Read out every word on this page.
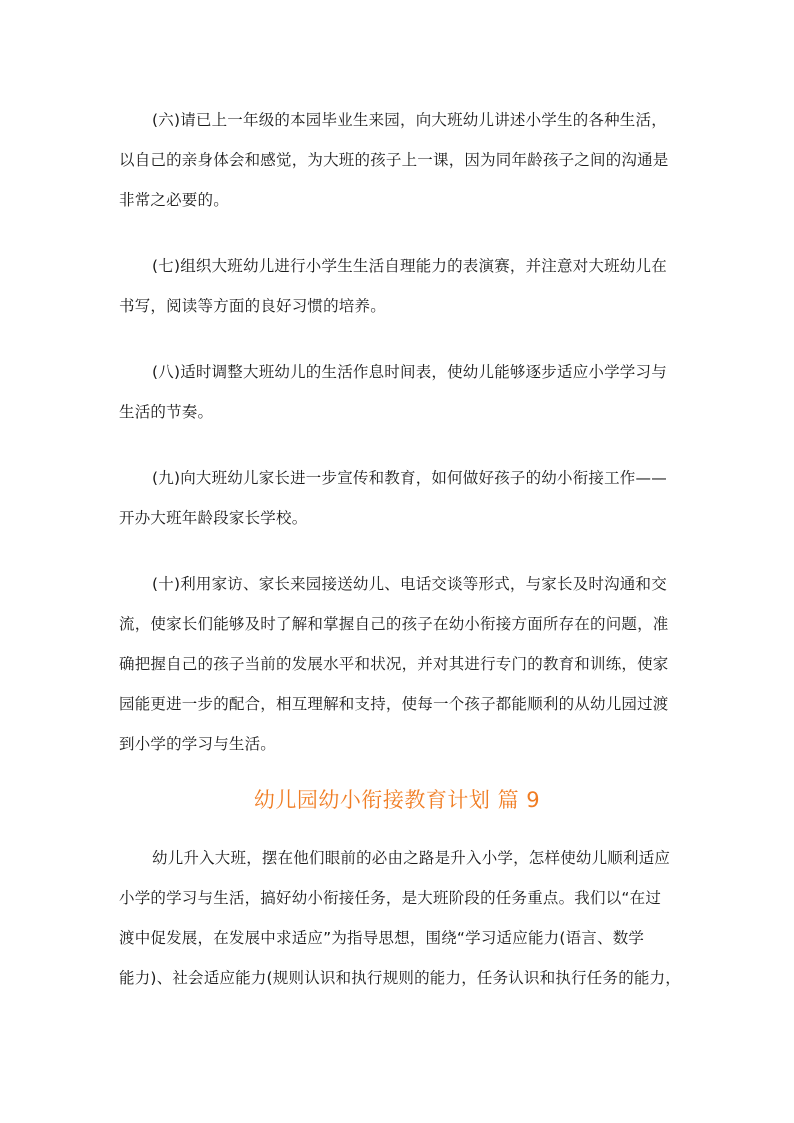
(六)请已上一年级的本园毕业生来园，向大班幼儿讲述小学生的各种生活，
以自己的亲身体会和感觉，为大班的孩子上一课，因为同年龄孩子之间的沟通是
非常之必要的。

(七)组织大班幼儿进行小学生生活自理能力的表演赛，并注意对大班幼儿在
书写，阅读等方面的良好习惯的培养。

(八)适时调整大班幼儿的生活作息时间表，使幼儿能够逐步适应小学学习与
生活的节奏。

(九)向大班幼儿家长进一步宣传和教育，如何做好孩子的幼小衔接工作——
开办大班年龄段家长学校。

(十)利用家访、家长来园接送幼儿、电话交谈等形式，与家长及时沟通和交
流，使家长们能够及时了解和掌握自己的孩子在幼小衔接方面所存在的问题，准
确把握自己的孩子当前的发展水平和状况，并对其进行专门的教育和训练，使家
园能更进一步的配合，相互理解和支持，使每一个孩子都能顺利的从幼儿园过渡
到小学的学习与生活。

幼儿园幼小衔接教育计划 篇 9

幼儿升入大班，摆在他们眼前的必由之路是升入小学，怎样使幼儿顺利适应
小学的学习与生活，搞好幼小衔接任务，是大班阶段的任务重点。我们以“在过
渡中促发展，在发展中求适应”为指导思想，围绕“学习适应能力(语言、数学
能力)、社会适应能力(规则认识和执行规则的能力，任务认识和执行任务的能力，
